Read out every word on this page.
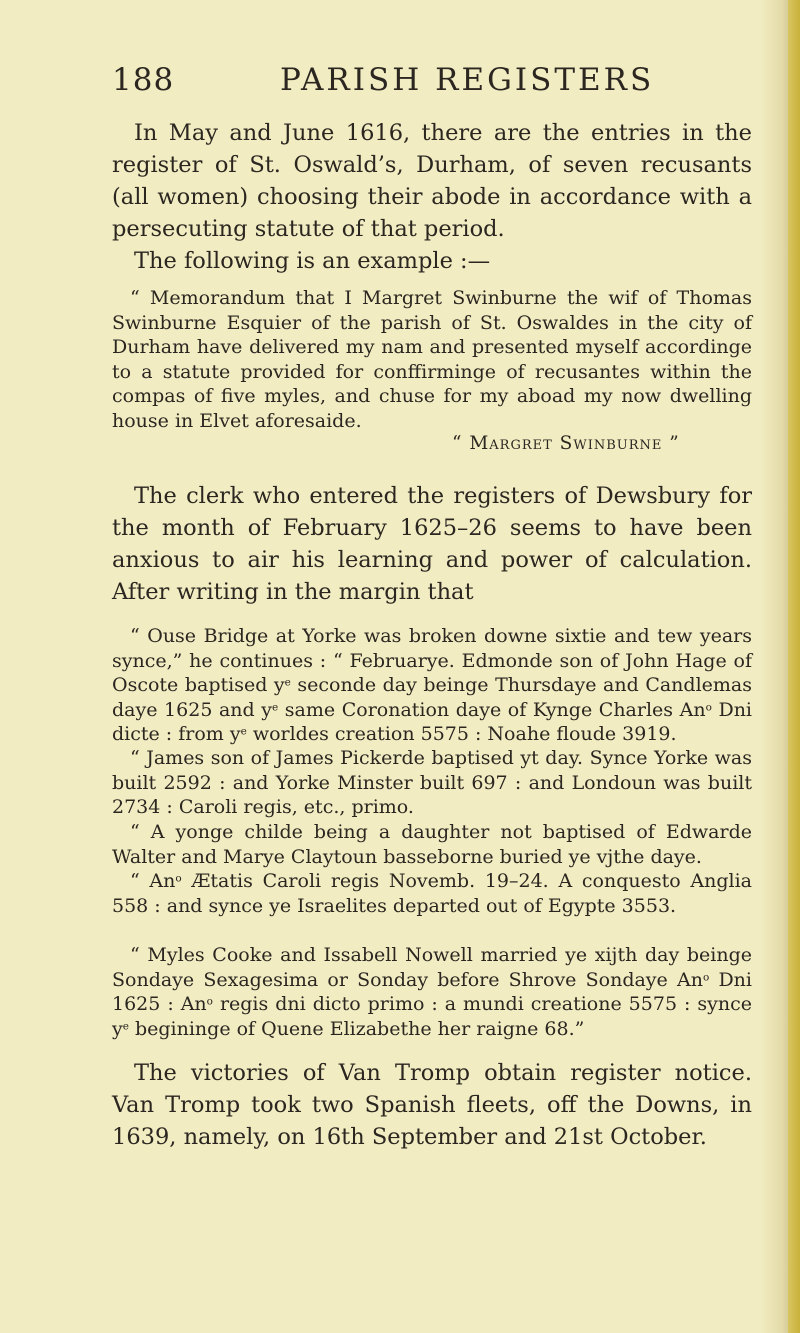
188	PARISH REGISTERS

In May and June 1616, there are the entries in the register of St. Oswald’s, Durham, of seven recusants (all women) choosing their abode in accordance with a persecuting statute of that period.

The following is an example :—

“ Memorandum that I Margret Swinburne the wif of Thomas Swinburne Esquier of the parish of St. Oswaldes in the city of Durham have delivered my nam and presented myself accordinge to a statute provided for conffirminge of recusantes within the compas of five myles, and chuse for my aboad my now dwelling house in Elvet aforesaide.

“ Margret Swinburne ”

The clerk who entered the registers of Dewsbury for the month of February 1625–26 seems to have been anxious to air his learning and power of calculation. After writing in the margin that

“ Ouse Bridge at Yorke was broken downe sixtie and tew years synce,” he continues : “ Februarye. Edmonde son of John Hage of Oscote baptised $y^e$ seconde day beinge Thursdaye and Candlemas daye 1625 and $y^e$ same Coronation daye of Kynge Charles An$^o$ Dni dicte : from $y^e$ worldes creation 5575 : Noahe floude 3919.

“ James son of James Pickerde baptised yt day. Synce Yorke was built 2592 : and Yorke Minster built 697 : and Londoun was built 2734 : Caroli regis, etc., primo.

“ A yonge childe being a daughter not baptised of Edwarde Walter and Marye Claytoun basseborne buried ye vjthe daye.

“ An$^o$ Ætatis Caroli regis Novemb. 19–24. A conquesto Anglia 558 : and synce ye Israelites departed out of Egypte 3553.

“ Myles Cooke and Issabell Nowell married ye xijth day beinge Sondaye Sexagesima or Sonday before Shrove Sondaye An$^o$ Dni 1625 : An$^o$ regis dni dicto primo : a mundi creatione 5575 : synce $y^e$ begininge of Quene Elizabethe her raigne 68.”

The victories of Van Tromp obtain register notice. Van Tromp took two Spanish fleets, off the Downs, in 1639, namely, on 16th September and 21st October.
